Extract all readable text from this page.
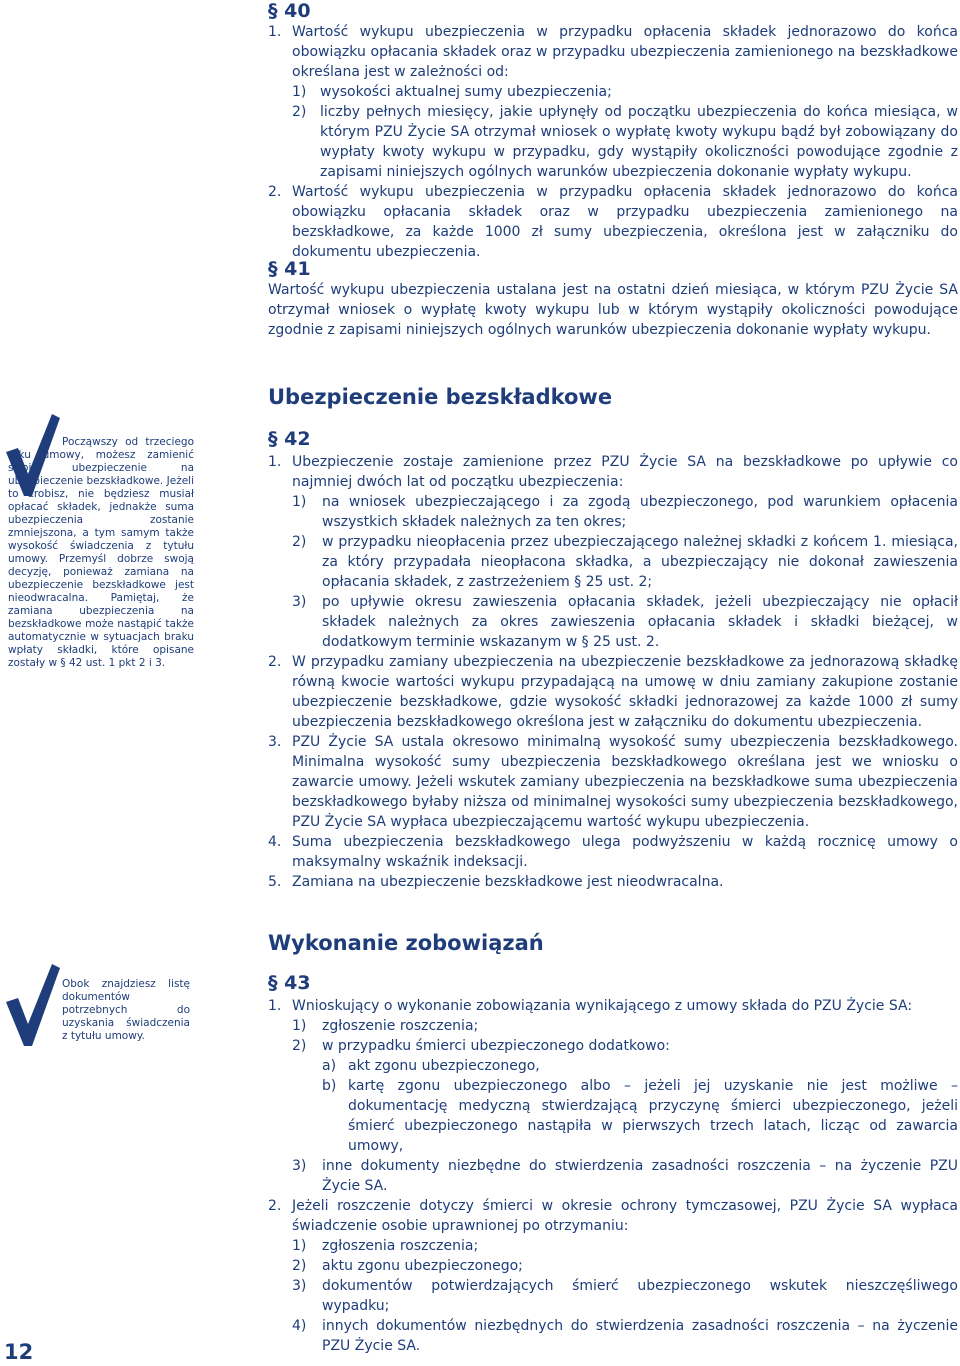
§ 40
1. Wartość wykupu ubezpieczenia w przypadku opłacenia składek jednorazowo do końca obowiązku opłacania składek oraz w przypadku ubezpieczenia zamienionego na bezskładkowe określana jest w zależności od:
1) wysokości aktualnej sumy ubezpieczenia;
2) liczby pełnych miesięcy, jakie upłynęły od początku ubezpieczenia do końca miesiąca, w którym PZU Życie SA otrzymał wniosek o wypłatę kwoty wykupu bądź był zobowiązany do wypłaty kwoty wykupu w przypadku, gdy wystąpiły okoliczności powodujące zgodnie z zapisami niniejszych ogólnych warunków ubezpieczenia dokonanie wypłaty wykupu.
2. Wartość wykupu ubezpieczenia w przypadku opłacenia składek jednorazowo do końca obowiązku opłacania składek oraz w przypadku ubezpieczenia zamienionego na bezskładkowe, za każde 1000 zł sumy ubezpieczenia, określona jest w załączniku do dokumentu ubezpieczenia.
§ 41
Wartość wykupu ubezpieczenia ustalana jest na ostatni dzień miesiąca, w którym PZU Życie SA otrzymał wniosek o wypłatę kwoty wykupu lub w którym wystąpiły okoliczności powodujące zgodnie z zapisami niniejszych ogólnych warunków ubezpieczenia dokonanie wypłaty wykupu.
Ubezpieczenie bezskładkowe
Począwszy od trzeciego roku umowy, możesz zamienić swoje ubezpieczenie na ubezpieczenie bezskładkowe. Jeżeli to zrobisz, nie będziesz musiał opłacać składek, jednakże suma ubezpieczenia zostanie zmniejszona, a tym samym także wysokość świadczenia z tytułu umowy. Przemyśl dobrze swoją decyzję, ponieważ zamiana na ubezpieczenie bezskładkowe jest nieodwracalna. Pamiętaj, że zamiana ubezpieczenia na bezskładkowe może nastąpić także automatycznie w sytuacjach braku wpłaty składki, które opisane zostały w § 42 ust. 1 pkt 2 i 3.
§ 42
1. Ubezpieczenie zostaje zamienione przez PZU Życie SA na bezskładkowe po upływie co najmniej dwóch lat od początku ubezpieczenia:
1)	na wniosek ubezpieczającego i za zgodą ubezpieczonego, pod warunkiem opłacenia wszystkich składek należnych za ten okres;
2)	w przypadku nieopłacenia przez ubezpieczającego należnej składki z końcem 1. miesiąca, za który przypadała nieopłacona składka, a ubezpieczający nie dokonał zawieszenia opłacania składek, z zastrzeżeniem § 25 ust. 2;
3)	po upływie okresu zawieszenia opłacania składek, jeżeli ubezpieczający nie opłacił składek należnych za okres zawieszenia opłacania składek i składki bieżącej, w dodatkowym terminie wskazanym w § 25 ust. 2.
2. W przypadku zamiany ubezpieczenia na ubezpieczenie bezskładkowe za jednorazową składkę równą kwocie wartości wykupu przypadającą na umowę w dniu zamiany zakupione zostanie ubezpieczenie bezskładkowe, gdzie wysokość składki jednorazowej za każde 1000 zł sumy ubezpieczenia bezskładkowego określona jest w załączniku do dokumentu ubezpieczenia.
3. PZU Życie SA ustala okresowo minimalną wysokość sumy ubezpieczenia bezskładkowego. Minimalna wysokość sumy ubezpieczenia bezskładkowego określana jest we wniosku o zawarcie umowy. Jeżeli wskutek zamiany ubezpieczenia na bezskładkowe suma ubezpieczenia bezskładkowego byłaby niższa od minimalnej wysokości sumy ubezpieczenia bezskładkowego, PZU Życie SA wypłaca ubezpieczającemu wartość wykupu ubezpieczenia.
4. Suma ubezpieczenia bezskładkowego ulega podwyższeniu w każdą rocznicę umowy o maksymalny wskaźnik indeksacji.
5. Zamiana na ubezpieczenie bezskładkowe jest nieodwracalna.
Wykonanie zobowiązań
Obok znajdziesz listę dokumentów potrzebnych do uzyskania świadczenia z tytułu umowy.
§ 43
1. Wnioskujący o wykonanie zobowiązania wynikającego z umowy składa do PZU Życie SA:
1)	zgłoszenie roszczenia;
2)	w przypadku śmierci ubezpieczonego dodatkowo:
a) akt zgonu ubezpieczonego,
b) kartę zgonu ubezpieczonego albo – jeżeli jej uzyskanie nie jest możliwe – dokumentację medyczną stwierdzającą przyczynę śmierci ubezpieczonego, jeżeli śmierć ubezpieczonego nastąpiła w pierwszych trzech latach, licząc od zawarcia umowy,
3)	inne dokumenty niezbędne do stwierdzenia zasadności roszczenia – na życzenie PZU Życie SA.
2. Jeżeli roszczenie dotyczy śmierci w okresie ochrony tymczasowej, PZU Życie SA wypłaca świadczenie osobie uprawnionej po otrzymaniu:
1)	zgłoszenia roszczenia;
2)	aktu zgonu ubezpieczonego;
3)	dokumentów potwierdzających śmierć ubezpieczonego wskutek nieszczęśliwego wypadku;
4)	innych dokumentów niezbędnych do stwierdzenia zasadności roszczenia – na życzenie PZU Życie SA.
12
